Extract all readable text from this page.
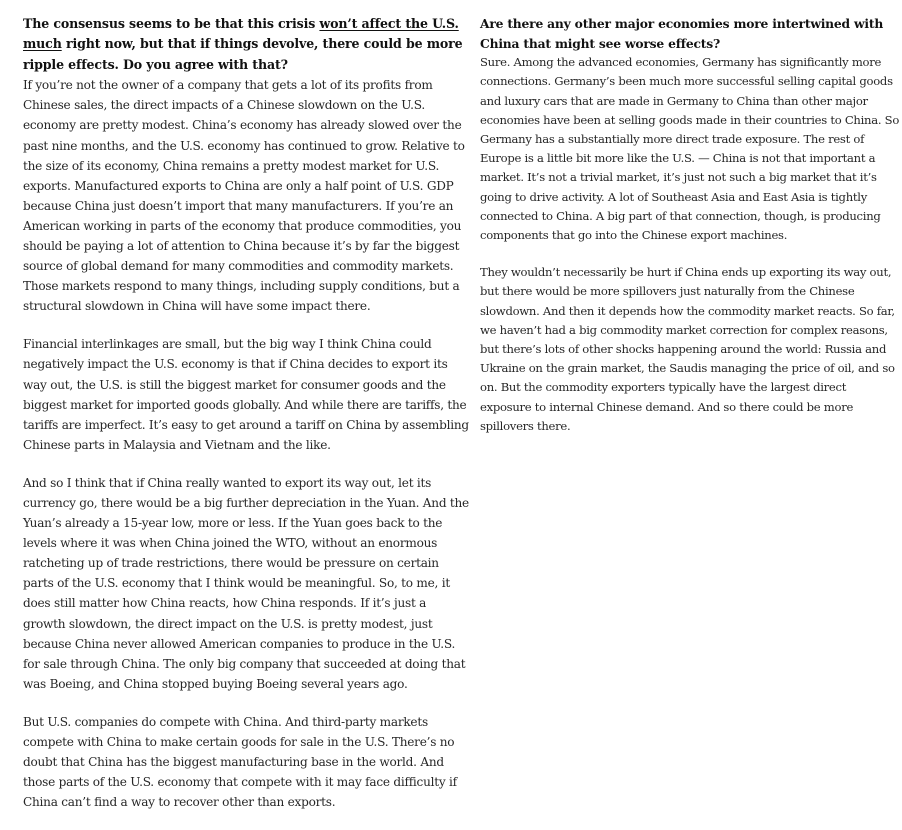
The consensus seems to be that this crisis won’t affect the U.S. much right now, but that if things devolve, there could be more ripple effects. Do you agree with that?

If you’re not the owner of a company that gets a lot of its profits from Chinese sales, the direct impacts of a Chinese slowdown on the U.S. economy are pretty modest. China’s economy has already slowed over the past nine months, and the U.S. economy has continued to grow. Relative to the size of its economy, China remains a pretty modest market for U.S. exports. Manufactured exports to China are only a half point of U.S. GDP because China just doesn’t import that many manufacturers. If you’re an American working in parts of the economy that produce commodities, you should be paying a lot of attention to China because it’s by far the biggest source of global demand for many commodities and commodity markets. Those markets respond to many things, including supply conditions, but a structural slowdown in China will have some impact there.

Financial interlinkages are small, but the big way I think China could negatively impact the U.S. economy is that if China decides to export its way out, the U.S. is still the biggest market for consumer goods and the biggest market for imported goods globally. And while there are tariffs, the tariffs are imperfect. It’s easy to get around a tariff on China by assembling Chinese parts in Malaysia and Vietnam and the like.

And so I think that if China really wanted to export its way out, let its currency go, there would be a big further depreciation in the Yuan. And the Yuan’s already a 15-year low, more or less. If the Yuan goes back to the levels where it was when China joined the WTO, without an enormous ratcheting up of trade restrictions, there would be pressure on certain parts of the U.S. economy that I think would be meaningful. So, to me, it does still matter how China reacts, how China responds. If it’s just a growth slowdown, the direct impact on the U.S. is pretty modest, just because China never allowed American companies to produce in the U.S. for sale through China. The only big company that succeeded at doing that was Boeing, and China stopped buying Boeing several years ago.

But U.S. companies do compete with China. And third-party markets compete with China to make certain goods for sale in the U.S. There’s no doubt that China has the biggest manufacturing base in the world. And those parts of the U.S. economy that compete with it may face difficulty if China can’t find a way to recover other than exports.

Are there any other major economies more intertwined with China that might see worse effects?

Sure. Among the advanced economies, Germany has significantly more connections. Germany’s been much more successful selling capital goods and luxury cars that are made in Germany to China than other major economies have been at selling goods made in their countries to China. So Germany has a substantially more direct trade exposure. The rest of Europe is a little bit more like the U.S. — China is not that important a market. It’s not a trivial market, it’s just not such a big market that it’s going to drive activity. A lot of Southeast Asia and East Asia is tightly connected to China. A big part of that connection, though, is producing components that go into the Chinese export machines.

They wouldn’t necessarily be hurt if China ends up exporting its way out, but there would be more spillovers just naturally from the Chinese slowdown. And then it depends how the commodity market reacts. So far, we haven’t had a big commodity market correction for complex reasons, but there’s lots of other shocks happening around the world: Russia and Ukraine on the grain market, the Saudis managing the price of oil, and so on. But the commodity exporters typically have the largest direct exposure to internal Chinese demand. And so there could be more spillovers there.
